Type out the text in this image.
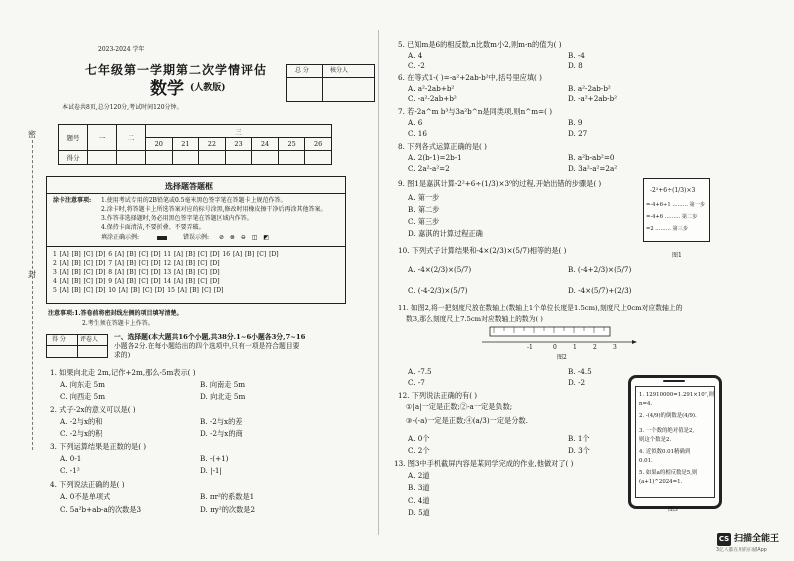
密
封
2023-2024 学年
七年级第一学期第二次学情评估
数学 (人教版)
本试卷共8页,总分120分,考试时间120分钟。
总 分	核分人
题号	一	二	三						
			20	21	22	23	24	25	26
得分									
选择题答题框
涂卡注意事项: 1.使用考试专用的2B铅笔或0.5毫米黑色签字笔在答题卡上规范作答。
2.涂卡时,将答题卡上所选答案对应的标号涂黑,修改时用橡皮擦干净后再涂其他答案。
3.作答非选择题时,务必用黑色签字笔在答题区域内作答。
4.保持卡面清洁,不要折叠、不要弄破。
填涂正确示例:	错误示例: ⊘ ⊗ ⊖ ◫ ◩
1 [A] [B] [C] [D] 6 [A] [B] [C] [D] 11 [A] [B] [C] [D] 16 [A] [B] [C] [D]
2 [A] [B] [C] [D] 7 [A] [B] [C] [D] 12 [A] [B] [C] [D]
3 [A] [B] [C] [D] 8 [A] [B] [C] [D] 13 [A] [B] [C] [D]
4 [A] [B] [C] [D] 9 [A] [B] [C] [D] 14 [A] [B] [C] [D]
5 [A] [B] [C] [D] 10 [A] [B] [C] [D] 15 [A] [B] [C] [D]
注意事项:1.答卷前将密封线左侧的项目填写清楚。
2.考生须在答题卡上作答。
得 分 评卷人 一、选择题(本大题共16个小题,共38分.1~6小题各3分,7~16
小题各2分.在每小题给出的四个选项中,只有一项是符合题目要
求的)
1. 如果向北走 2m,记作+2m,那么-5m表示( )
A. 向东走 5m	B. 向南走 5m
C. 向西走 5m	D. 向北走 5m
2. 式子-2x的意义可以是( )
A. -2与x的和	B. -2与x的差
C. -2与x的积	D. -2与x的商
3. 下列运算结果是正数的是( )
A. 0-1	B. -(+1)
C. -1²	D. |-1|
4. 下列说法正确的是( )
A. 0不是单项式	B. πr²的系数是1
C. 5a²b+ab-a的次数是3	D. πy²的次数是2
5. 已知m是6的相反数,n比数m小2,则m-n的值为( )
A. 4	B. -4
C. -2	D. 8
6. 在等式1-( )=-a²+2ab-b²中,括号里应填( )
A. a²-2ab+b²	B. a²-2ab-b²
C. -a²-2ab+b²	D. -a²+2ab-b²
7. 若-2a^m b³与3a²b^n是同类项,则n^m=( )
A. 6	B. 9
C. 16	D. 27
8. 下列各式运算正确的是( )
A. 2(b-1)=2b-1	B. a²b-ab²=0
C. 2a²-a²=2	D. 3a²-a²=2a²
9. 图1是嘉淇计算-2²+6÷(1/3)×3⁰的过程,开始出错的步骤是( )
A. 第一步
B. 第二步
C. 第三步
D. 嘉淇的计算过程正确
-2²+6÷(1/3)×3
=-4+6÷1 ……… 第一步
=-4+6 ……… 第二步
=2 ……… 第三步
图1
10. 下列式子计算结果和-4×(2/3)×(5/7)相等的是( )
A. -4×(2/3)×(5/7)	B. (-4+2/3)×(5/7)
C. (-4-2/3)×(5/7)	D. -4×(5/7)+(2/3)
11. 如图2,将一把刻度尺放在数轴上(数轴上1个单位长度是1.5cm),刻度尺上0cm对应数轴上的
数3,那么刻度尺上7.5cm对应数轴上的数为( )
-1	0	1	2	3
图2
A. -7.5	B. -4.5
C. -7	D. -2
12. 下列说法正确的有( )
①|a|一定是正数;②-a一定是负数;
③-(-a)一定是正数;④(a/3)一定是分数.
A. 0个	B. 1个
C. 2个	D. 3个
13. 图3中手机截屏内容是某同学完成的作业,他做对了( )
A. 2道
B. 3道
C. 4道
D. 5道
1. 12910000=1.291×10⁷,则
n=4.
2. -(4/9)的倒数是(4/9).
3. 一个数的绝对值是2,
则这个数是2.
4. 近似数0.01精确到
0.01.
5. 如果a的相反数是5,则
(a+1)^2024=1.
图3
CS 扫描全能王
3亿人都在用的扫描App
